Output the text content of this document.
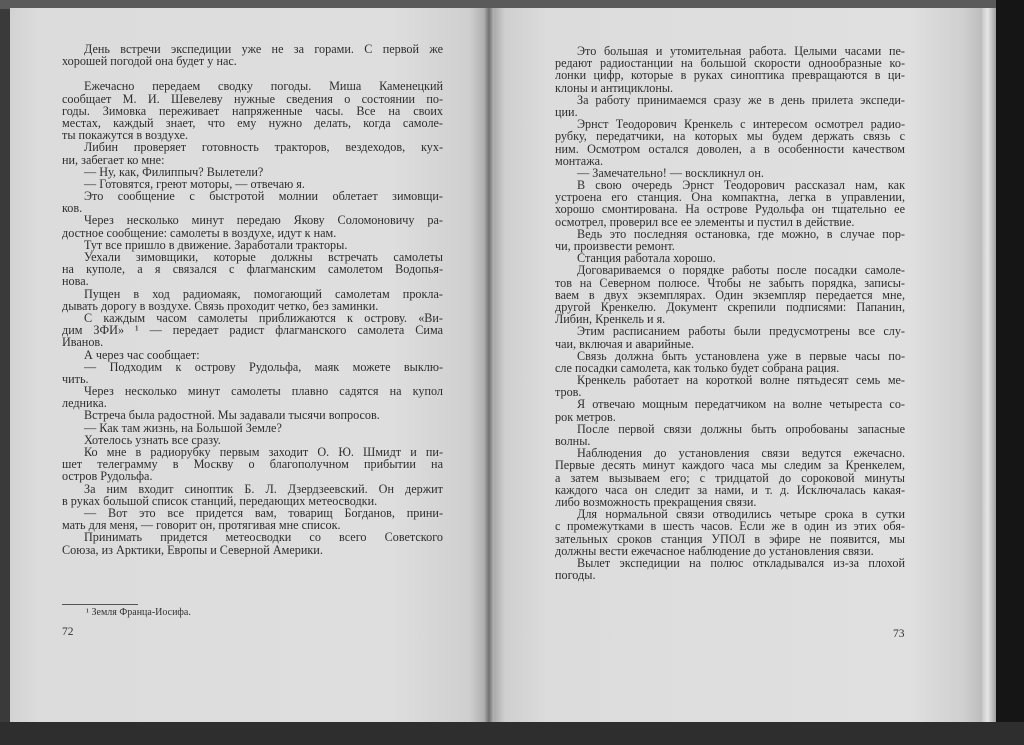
День встречи экспедиции уже не за горами. С первой же
хорошей погодой она будет у нас.
Ежечасно передаем сводку погоды. Миша Каменецкий
сообщает М. И. Шевелеву нужные сведения о состоянии по-
годы. Зимовка переживает напряженные часы. Все на своих
местах, каждый знает, что ему нужно делать, когда самоле-
ты покажутся в воздухе.
Либин проверяет готовность тракторов, вездеходов, кух-
ни, забегает ко мне:
— Ну, как, Филиппыч? Вылетели?
— Готовятся, греют моторы, — отвечаю я.
Это сообщение с быстротой молнии облетает зимовщи-
ков.
Через несколько минут передаю Якову Соломоновичу ра-
достное сообщение: самолеты в воздухе, идут к нам.
Тут все пришло в движение. Заработали тракторы.
Уехали зимовщики, которые должны встречать самолеты
на куполе, а я связался с флагманским самолетом Водопья-
нова.
Пущен в ход радиомаяк, помогающий самолетам прокла-
дывать дорогу в воздухе. Связь проходит четко, без заминки.
С каждым часом самолеты приближаются к острову. «Ви-
дим ЗФИ» ¹ — передает радист флагманского самолета Сима
Иванов.
А через час сообщает:
— Подходим к острову Рудольфа, маяк можете выклю-
чить.
Через несколько минут самолеты плавно садятся на купол
ледника.
Встреча была радостной. Мы задавали тысячи вопросов.
— Как там жизнь, на Большой Земле?
Хотелось узнать все сразу.
Ко мне в радиорубку первым заходит О. Ю. Шмидт и пи-
шет телеграмму в Москву о благополучном прибытии на
остров Рудольфа.
За ним входит синоптик Б. Л. Дзердзеевский. Он держит
в руках большой список станций, передающих метеосводки.
— Вот это все придется вам, товарищ Богданов, прини-
мать для меня, — говорит он, протягивая мне список.
Принимать придется метеосводки со всего Советского
Союза, из Арктики, Европы и Северной Америки.
¹ Земля Франца-Иосифа.
72
Это большая и утомительная работа. Целыми часами пе-
редают радиостанции на большой скорости однообразные ко-
лонки цифр, которые в руках синоптика превращаются в ци-
клоны и антициклоны.
За работу принимаемся сразу же в день прилета экспеди-
ции.
Эрнст Теодорович Кренкель с интересом осмотрел радио-
рубку, передатчики, на которых мы будем держать связь с
ним. Осмотром остался доволен, а в особенности качеством
монтажа.
— Замечательно! — воскликнул он.
В свою очередь Эрнст Теодорович рассказал нам, как
устроена его станция. Она компактна, легка в управлении,
хорошо смонтирована. На острове Рудольфа он тщательно ее
осмотрел, проверил все ее элементы и пустил в действие.
Ведь это последняя остановка, где можно, в случае пор-
чи, произвести ремонт.
Станция работала хорошо.
Договариваемся о порядке работы после посадки самоле-
тов на Северном полюсе. Чтобы не забыть порядка, записы-
ваем в двух экземплярах. Один экземпляр передается мне,
другой Кренкелю. Документ скрепили подписями: Папанин,
Либин, Кренкель и я.
Этим расписанием работы были предусмотрены все слу-
чаи, включая и аварийные.
Связь должна быть установлена уже в первые часы по-
сле посадки самолета, как только будет собрана рация.
Кренкель работает на короткой волне пятьдесят семь ме-
тров.
Я отвечаю мощным передатчиком на волне четыреста со-
рок метров.
После первой связи должны быть опробованы запасные
волны.
Наблюдения до установления связи ведутся ежечасно.
Первые десять минут каждого часа мы следим за Кренкелем,
а затем вызываем его; с тридцатой до сороковой минуты
каждого часа он следит за нами, и т. д. Исключалась какая-
либо возможность прекращения связи.
Для нормальной связи отводились четыре срока в сутки
с промежутками в шесть часов. Если же в один из этих обя-
зательных сроков станция УПОЛ в эфире не появится, мы
должны вести ежечасное наблюдение до установления связи.
Вылет экспедиции на полюс откладывался из-за плохой
погоды.
73
